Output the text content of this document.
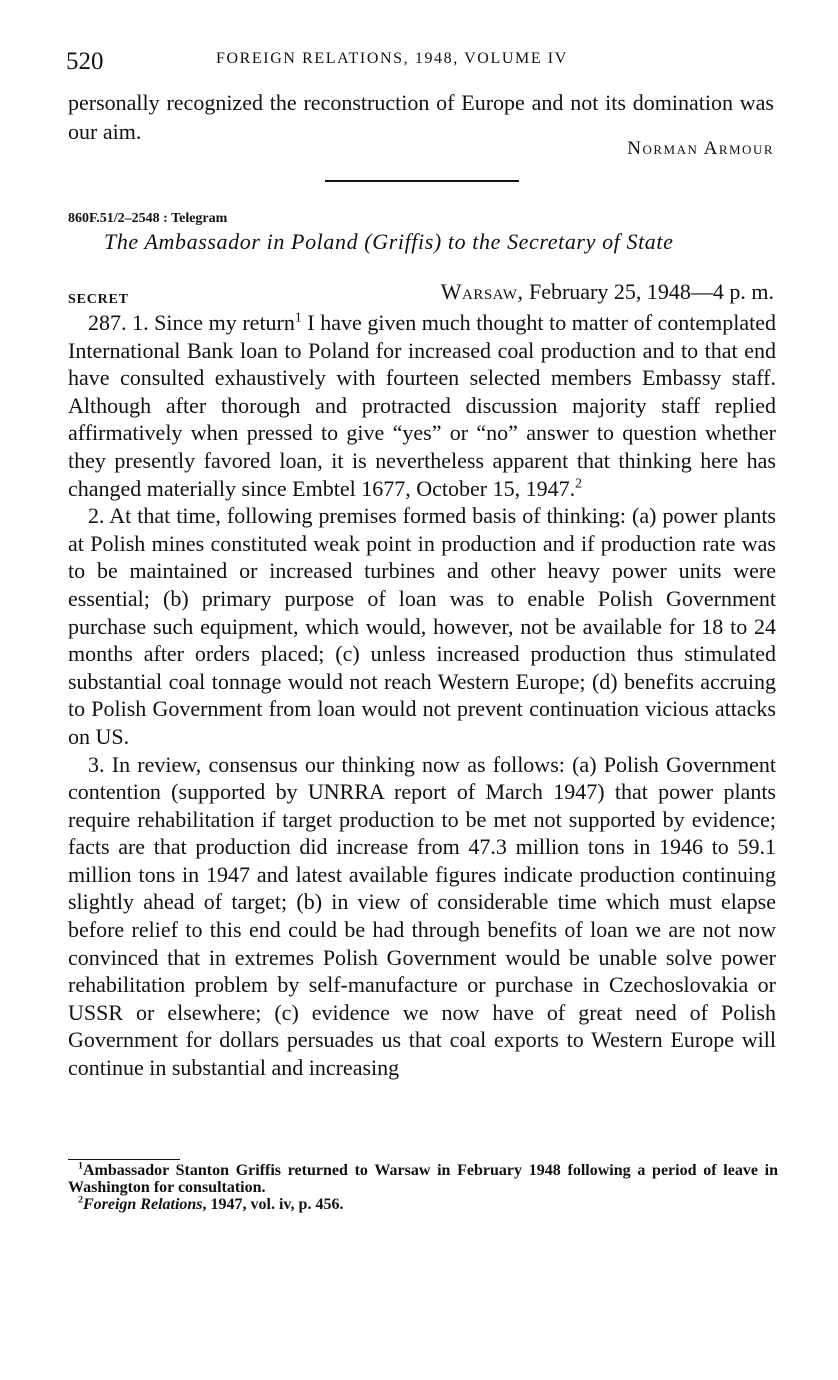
520	FOREIGN RELATIONS, 1948, VOLUME IV

personally recognized the reconstruction of Europe and not its domination was our aim.

Norman Armour
860F.51/2–2548 : Telegram
The Ambassador in Poland (Griffis) to the Secretary of State
SECRET	Warsaw, February 25, 1948—4 p. m.

287. 1. Since my return$^1$ I have given much thought to matter of contemplated International Bank loan to Poland for increased coal production and to that end have consulted exhaustively with fourteen selected members Embassy staff. Although after thorough and protracted discussion majority staff replied affirmatively when pressed to give “yes” or “no” answer to question whether they presently favored loan, it is nevertheless apparent that thinking here has changed materially since Embtel 1677, October 15, 1947.$^2$

2. At that time, following premises formed basis of thinking: (a) power plants at Polish mines constituted weak point in production and if production rate was to be maintained or increased turbines and other heavy power units were essential; (b) primary purpose of loan was to enable Polish Government purchase such equipment, which would, however, not be available for 18 to 24 months after orders placed; (c) unless increased production thus stimulated substantial coal tonnage would not reach Western Europe; (d) benefits accruing to Polish Government from loan would not prevent continuation vicious attacks on US.

3. In review, consensus our thinking now as follows: (a) Polish Government contention (supported by UNRRA report of March 1947) that power plants require rehabilitation if target production to be met not supported by evidence; facts are that production did increase from 47.3 million tons in 1946 to 59.1 million tons in 1947 and latest available figures indicate production continuing slightly ahead of target; (b) in view of considerable time which must elapse before relief to this end could be had through benefits of loan we are not now convinced that in extremes Polish Government would be unable solve power rehabilitation problem by self-manufacture or purchase in Czechoslovakia or USSR or elsewhere; (c) evidence we now have of great need of Polish Government for dollars persuades us that coal exports to Western Europe will continue in substantial and increasing

$^1$Ambassador Stanton Griffis returned to Warsaw in February 1948 following a period of leave in Washington for consultation.

$^2$Foreign Relations, 1947, vol. iv, p. 456.
